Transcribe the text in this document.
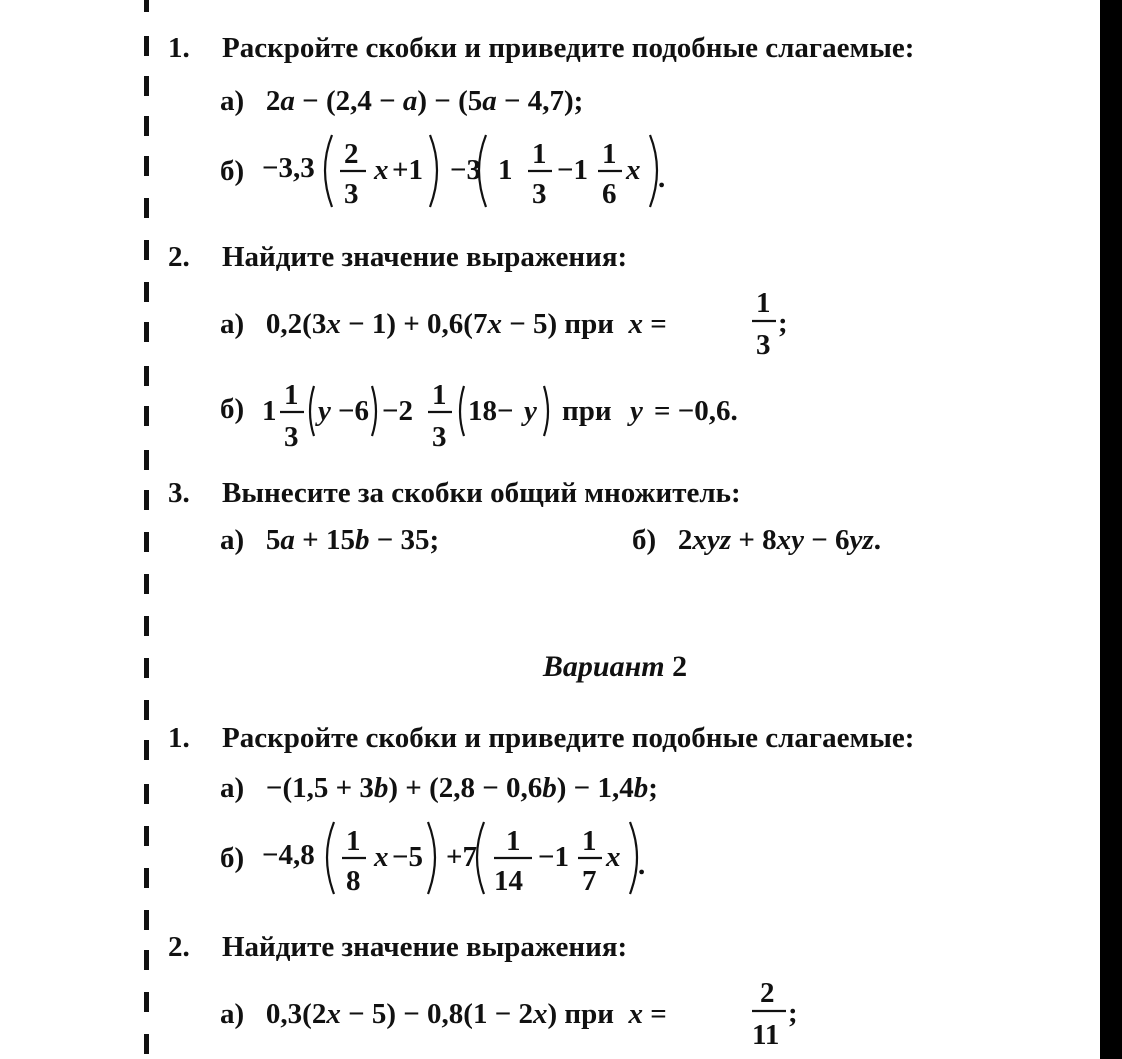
1. Раскройте скобки и приведите подобные слагаемые:
а)   2a − (2,4 − a) − (5a − 4,7);
б) −3,3 2
3
x +1 −3 1 1
3
−1 1
6
x .
2. Найдите значение выражения:
а)   0,2(3x − 1) + 0,6(7x − 5) при  x =
1
3
;
б) 1 1
3
y −6 −2 1
3
18− y при y = −0,6.
3. Вынесите за скобки общий множитель:
а)   5a + 15b − 35;	б)   2xyz + 8xy − 6yz.
Вариант 2
1. Раскройте скобки и приведите подобные слагаемые:
а)   −(1,5 + 3b) + (2,8 − 0,6b) − 1,4b;
б) −4,8 1
8
x −5 +7 1
14
−1 1
7
x .
2. Найдите значение выражения:
а)   0,3(2x − 5) − 0,8(1 − 2x) при  x =
2
11
;
